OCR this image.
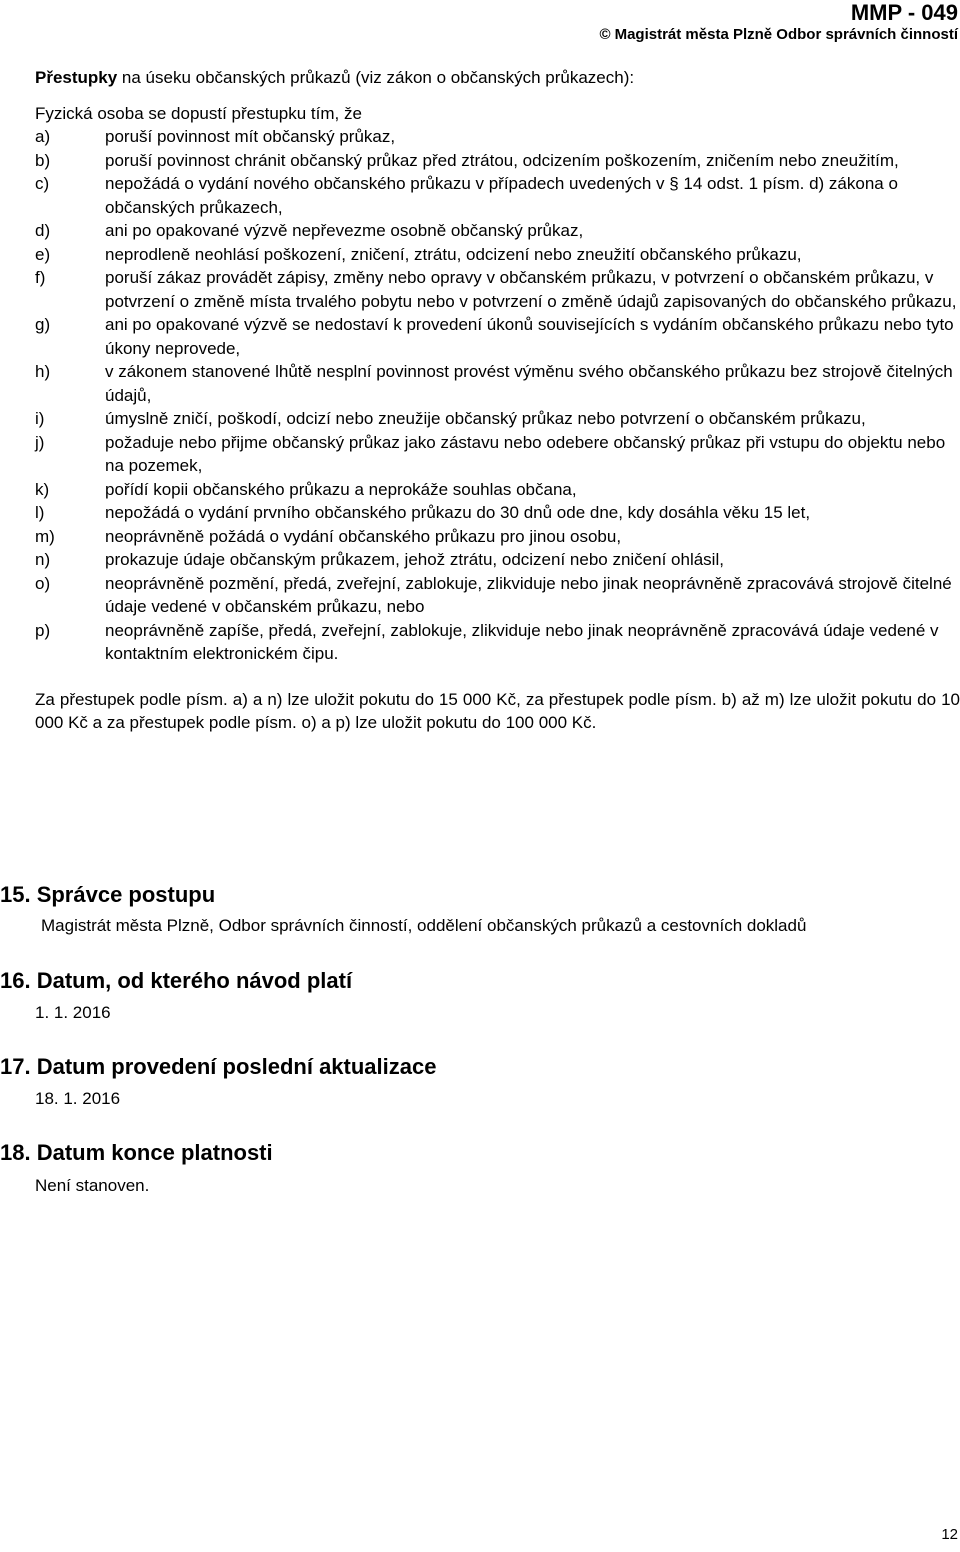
MMP - 049
© Magistrát města Plzně Odbor správních činností

Přestupky na úseku občanských průkazů (viz zákon o občanských průkazech):

Fyzická osoba se dopustí přestupku tím, že

a)	poruší povinnost mít občanský průkaz,
b)	poruší povinnost chránit občanský průkaz před ztrátou, odcizením poškozením, zničením nebo zneužitím,
c)	nepožádá o vydání nového občanského průkazu v případech uvedených v § 14 odst. 1 písm. d) zákona o občanských průkazech,
d)	ani po opakované výzvě nepřevezme osobně občanský průkaz,
e)	neprodleně neohlásí poškození, zničení, ztrátu, odcizení nebo zneužití občanského průkazu,
f)	poruší zákaz provádět zápisy, změny nebo opravy v občanském průkazu, v potvrzení o občanském průkazu, v potvrzení o změně místa trvalého pobytu nebo v potvrzení o změně údajů zapisovaných do občanského průkazu,
g)	ani po opakované výzvě se nedostaví k provedení úkonů souvisejících s vydáním občanského průkazu nebo tyto úkony neprovede,
h)	v zákonem stanovené lhůtě nesplní povinnost provést výměnu svého občanského průkazu bez strojově čitelných údajů,
i)	úmyslně zničí, poškodí, odcizí nebo zneužije občanský průkaz nebo potvrzení o občanském průkazu,
j)	požaduje nebo přijme občanský průkaz jako zástavu nebo odebere občanský průkaz při vstupu do objektu nebo na pozemek,
k)	pořídí kopii občanského průkazu a neprokáže souhlas občana,
l)	nepožádá o vydání prvního občanského průkazu do 30 dnů ode dne, kdy dosáhla věku 15 let,
m)	neoprávněně požádá o vydání občanského průkazu pro jinou osobu,
n)	prokazuje údaje občanským průkazem, jehož ztrátu, odcizení nebo zničení ohlásil,
o)	neoprávněně pozmění, předá, zveřejní, zablokuje, zlikviduje nebo jinak neoprávněně zpracovává strojově čitelné údaje vedené v občanském průkazu, nebo
p)	neoprávněně zapíše, předá, zveřejní, zablokuje, zlikviduje nebo jinak neoprávněně zpracovává údaje vedené v kontaktním elektronickém čipu.

Za přestupek podle písm. a) a n) lze uložit pokutu do 15 000 Kč, za přestupek podle písm. b) až m) lze uložit pokutu do 10 000 Kč a za přestupek podle písm. o) a p) lze uložit pokutu do 100 000 Kč.

15. Správce postupu

Magistrát města Plzně, Odbor správních činností, oddělení občanských průkazů a cestovních dokladů

16. Datum, od kterého návod platí

1. 1. 2016

17. Datum provedení poslední aktualizace

18. 1. 2016

18. Datum konce platnosti

Není stanoven.

12
